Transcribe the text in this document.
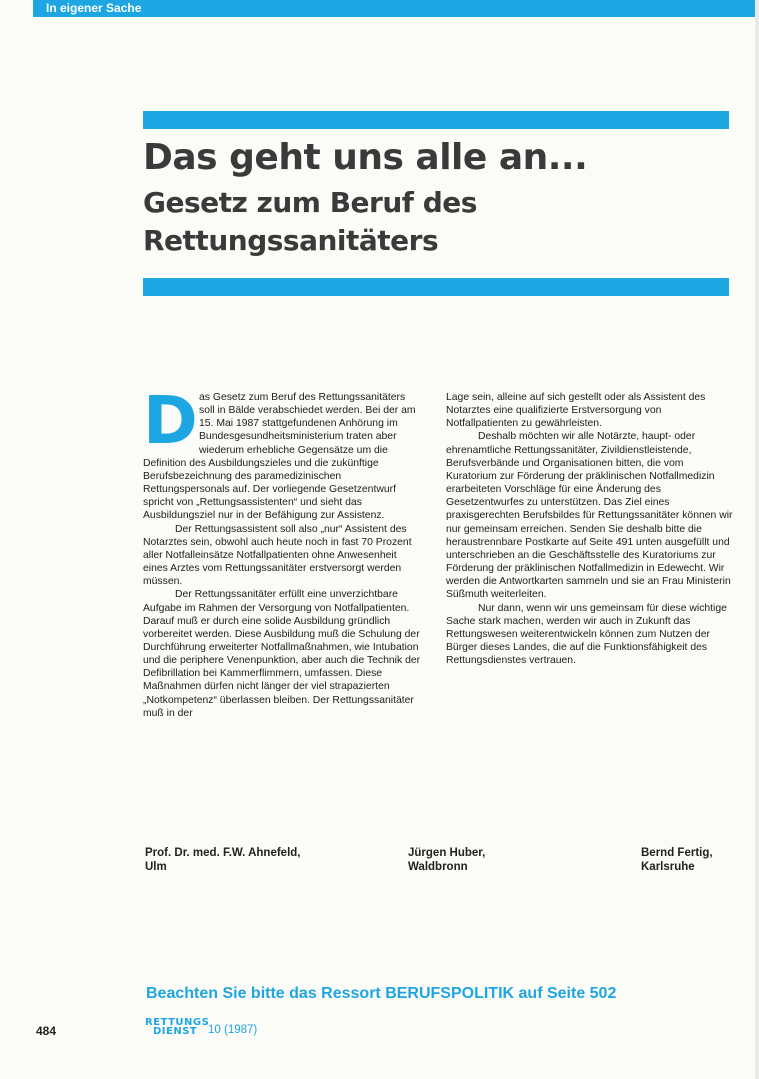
In eigener Sache
Das geht uns alle an...
Gesetz zum Beruf des
Rettungssanitäters
D as Gesetz zum Beruf des Rettungssanitäters soll in Bälde verabschiedet werden. Bei der am 15. Mai 1987 stattgefundenen Anhörung im Bundesgesundheitsministerium traten aber wiederum erhebliche Gegensätze um die Definition des Ausbildungszieles und die zukünftige Berufsbezeichnung des paramedizinischen Rettungspersonals auf. Der vorliegende Gesetzentwurf spricht von „Rettungsassistenten“ und sieht das Ausbildungsziel nur in der Befähigung zur Assistenz.

Der Rettungsassistent soll also „nur“ Assistent des Notarztes sein, obwohl auch heute noch in fast 70 Prozent aller Notfalleinsätze Notfallpatienten ohne Anwesenheit eines Arztes vom Rettungssanitäter erstversorgt werden müssen.

Der Rettungssanitäter erfüllt eine unverzichtbare Aufgabe im Rahmen der Versorgung von Notfallpatienten. Darauf muß er durch eine solide Ausbildung gründlich vorbereitet werden. Diese Ausbildung muß die Schulung der Durchführung erweiterter Notfallmaßnahmen, wie Intubation und die periphere Venenpunktion, aber auch die Technik der Defibrillation bei Kammerflimmern, umfassen. Diese Maßnahmen dürfen nicht länger der viel strapazierten „Notkompetenz“ überlassen bleiben. Der Rettungssanitäter muß in der

Lage sein, alleine auf sich gestellt oder als Assistent des Notarztes eine qualifizierte Erstversorgung von Notfallpatienten zu gewährleisten.

Deshalb möchten wir alle Notärzte, haupt- oder ehrenamtliche Rettungssanitäter, Zivildienstleistende, Berufsverbände und Organisationen bitten, die vom Kuratorium zur Förderung der präklinischen Notfallmedizin erarbeiteten Vorschläge für eine Änderung des Gesetzentwurfes zu unterstützen. Das Ziel eines praxisgerechten Berufsbildes für Rettungssanitäter können wir nur gemeinsam erreichen. Senden Sie deshalb bitte die heraustrennbare Postkarte auf Seite 491 unten ausgefüllt und unterschrieben an die Geschäftsstelle des Kuratoriums zur Förderung der präklinischen Notfallmedizin in Edewecht. Wir werden die Antwortkarten sammeln und sie an Frau Ministerin Süßmuth weiterleiten.

Nur dann, wenn wir uns gemeinsam für diese wichtige Sache stark machen, werden wir auch in Zukunft das Rettungswesen weiterentwickeln können zum Nutzen der Bürger dieses Landes, die auf die Funktionsfähigkeit des Rettungsdienstes vertrauen.

Prof. Dr. med. F.W. Ahnefeld,
Ulm
Jürgen Huber,
Waldbronn
Bernd Fertig,
Karlsruhe
Beachten Sie bitte das Ressort BERUFSPOLITIK auf Seite 502
484
RETTUNGS
DIENST 10 (1987)
